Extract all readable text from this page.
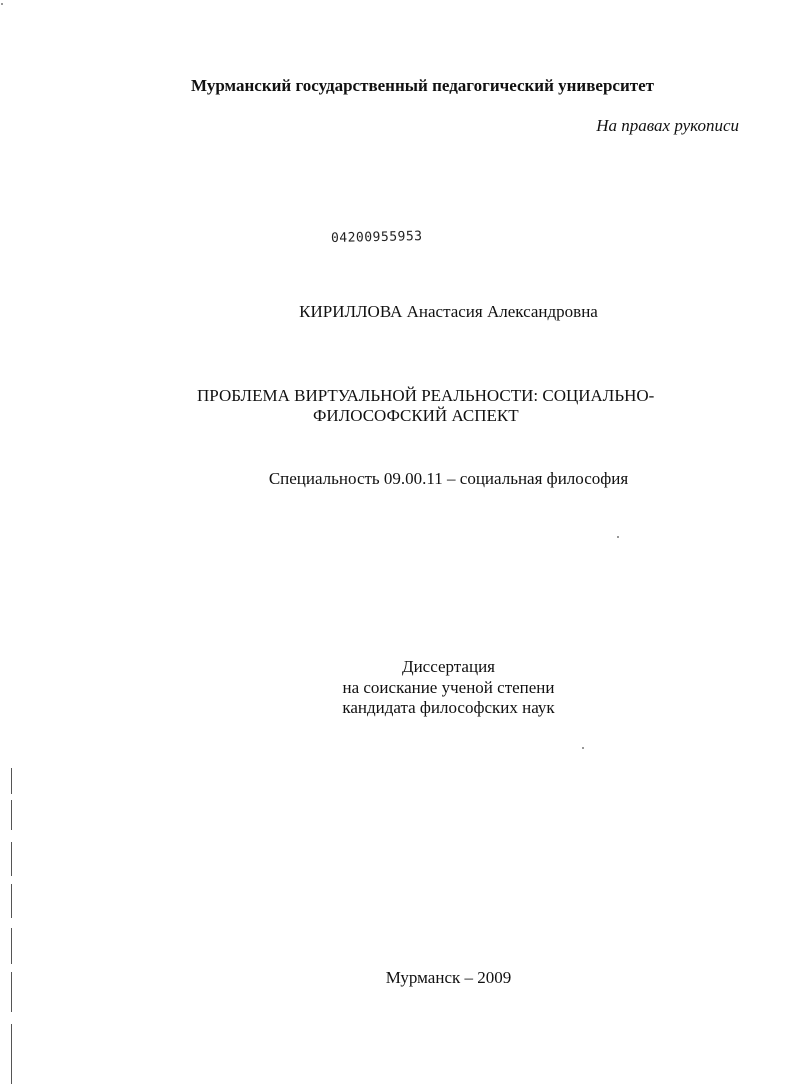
Мурманский государственный педагогический университет
На правах рукописи
04200955953
КИРИЛЛОВА Анастасия Александровна
ПРОБЛЕМА ВИРТУАЛЬНОЙ РЕАЛЬНОСТИ: СОЦИАЛЬНО-
ФИЛОСОФСКИЙ АСПЕКТ
Специальность 09.00.11 – социальная философия
Диссертация
на соискание ученой степени
кандидата философских наук
Мурманск – 2009
